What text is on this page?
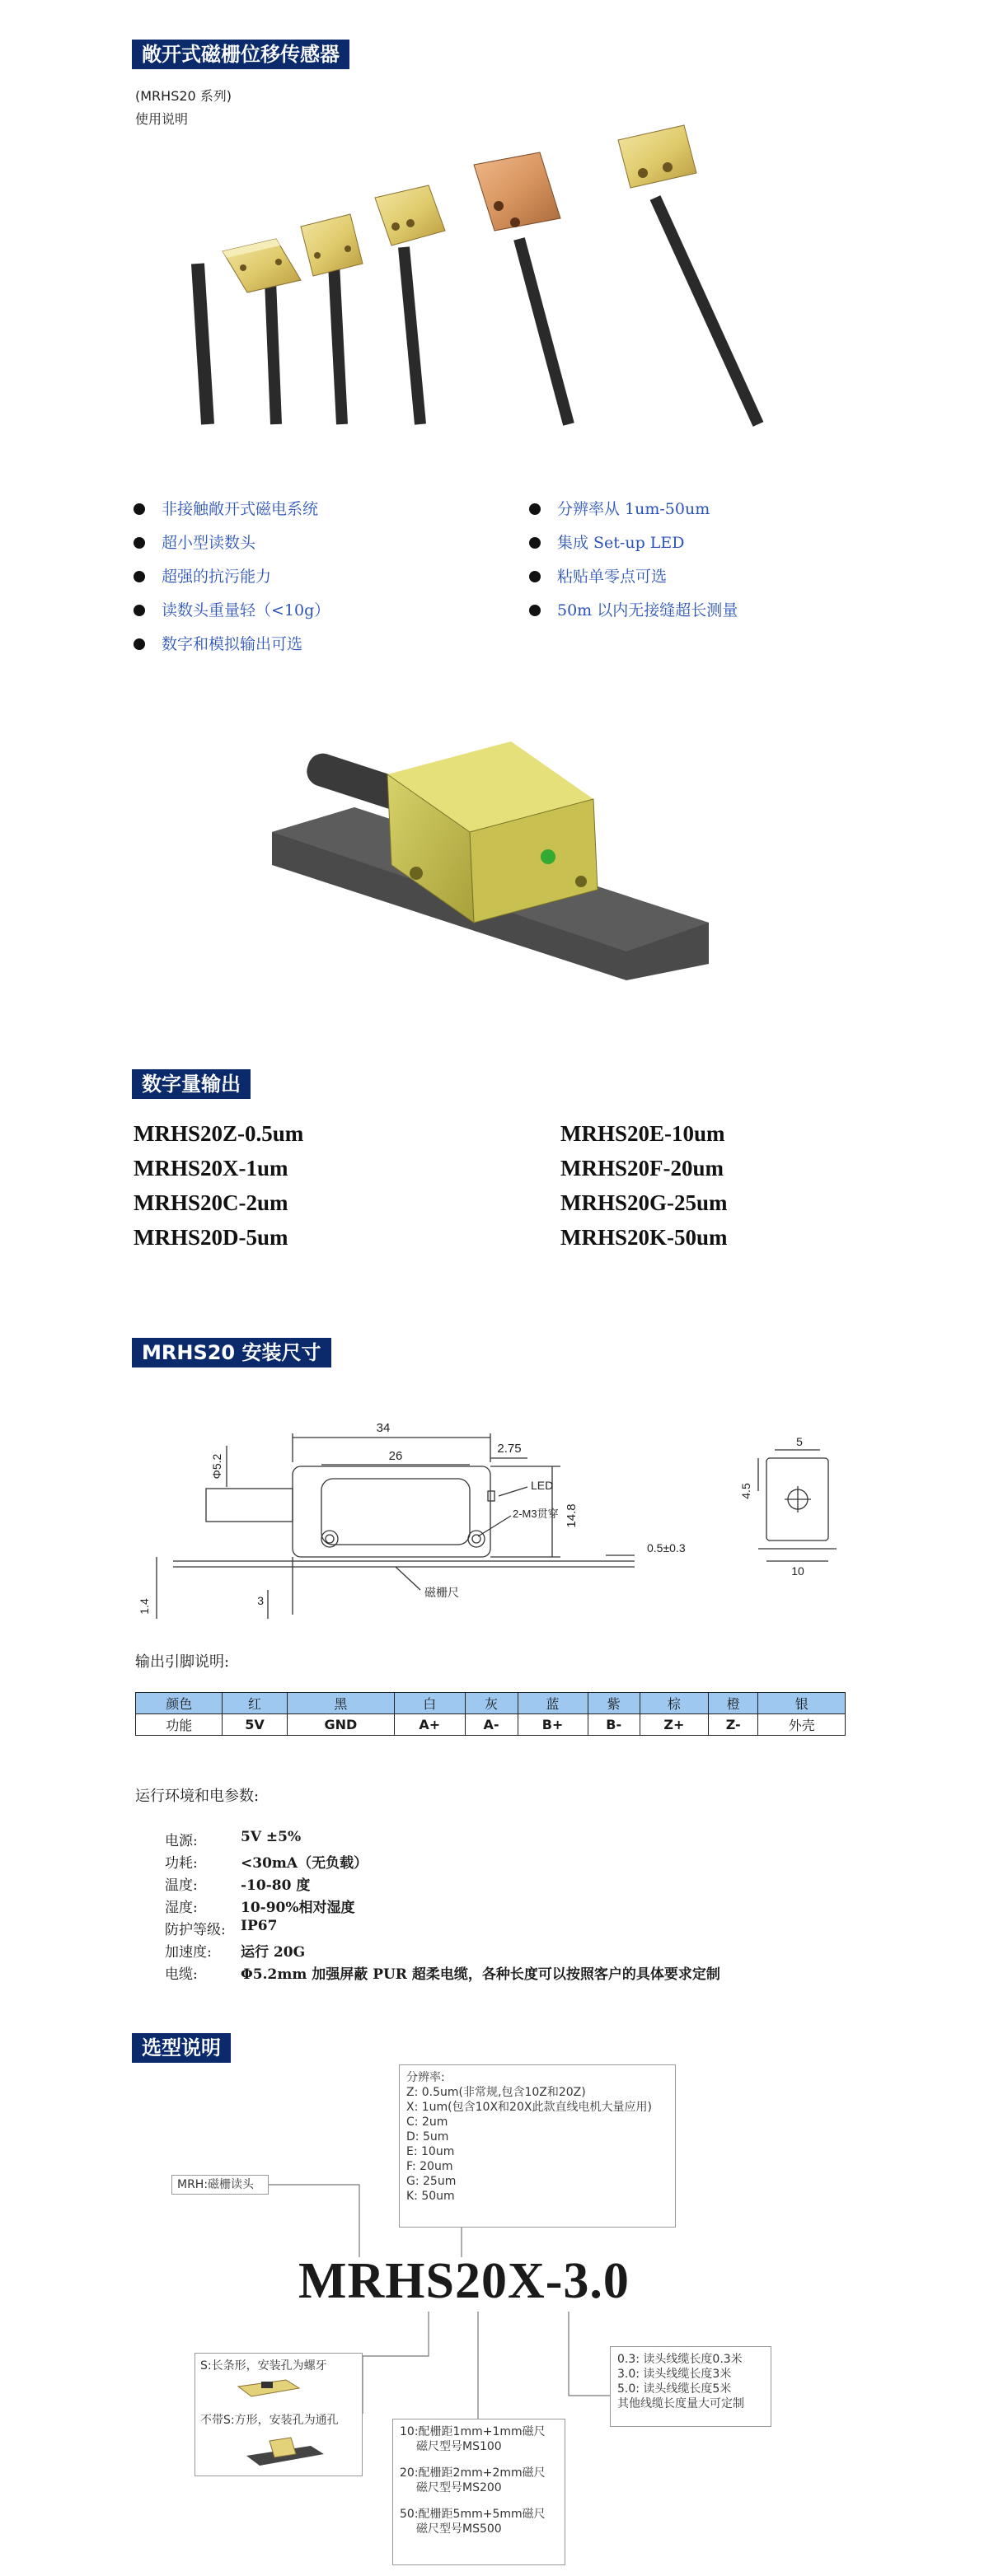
敞开式磁栅位移传感器
(MRHS20 系列)
使用说明
非接触敞开式磁电系统
超小型读数头
超强的抗污能力
读数头重量轻（<10g）
数字和模拟输出可选
分辨率从 1um-50um
集成 Set-up LED
粘贴单零点可选
50m 以内无接缝超长测量
数字量输出
MRHS20Z-0.5um
MRHS20X-1um
MRHS20C-2um
MRHS20D-5um
MRHS20E-10um
MRHS20F-20um
MRHS20G-25um
MRHS20K-50um
MRHS20 安装尺寸
34
26
2.75
Φ5.2
14.8
1.4	3
0.5±0.3
4.5
5
10
LED
2-M3贯穿
磁栅尺
输出引脚说明:
颜色	红	黑	白	灰	蓝	紫	棕	橙	银
功能	5V	GND	A+	A-	B+	B-	Z+	Z-	外壳
运行环境和电参数:
电源:	5V ±5%
功耗:	<30mA（无负载）
温度:	-10-80 度
湿度:	10-90%相对湿度
防护等级: IP67
加速度: 运行 20G
电缆:	Φ5.2mm 加强屏蔽 PUR 超柔电缆，各种长度可以按照客户的具体要求定制
选型说明
分辨率:
Z: 0.5um(非常规,包含10Z和20Z)
X: 1um(包含10X和20X此款直线电机大量应用)
C: 2um
D: 5um
E: 10um
F: 20um
G: 25um
K: 50um
MRH:磁栅读头
MRHS20X-3.0
0.3: 读头线缆长度0.3米
3.0: 读头线缆长度3米
5.0: 读头线缆长度5米
其他线缆长度量大可定制
S:长条形，安装孔为螺牙
不带S:方形，安装孔为通孔
10:配栅距1mm+1mm磁尺
磁尺型号MS100
20:配栅距2mm+2mm磁尺
磁尺型号MS200
50:配栅距5mm+5mm磁尺
磁尺型号MS500
